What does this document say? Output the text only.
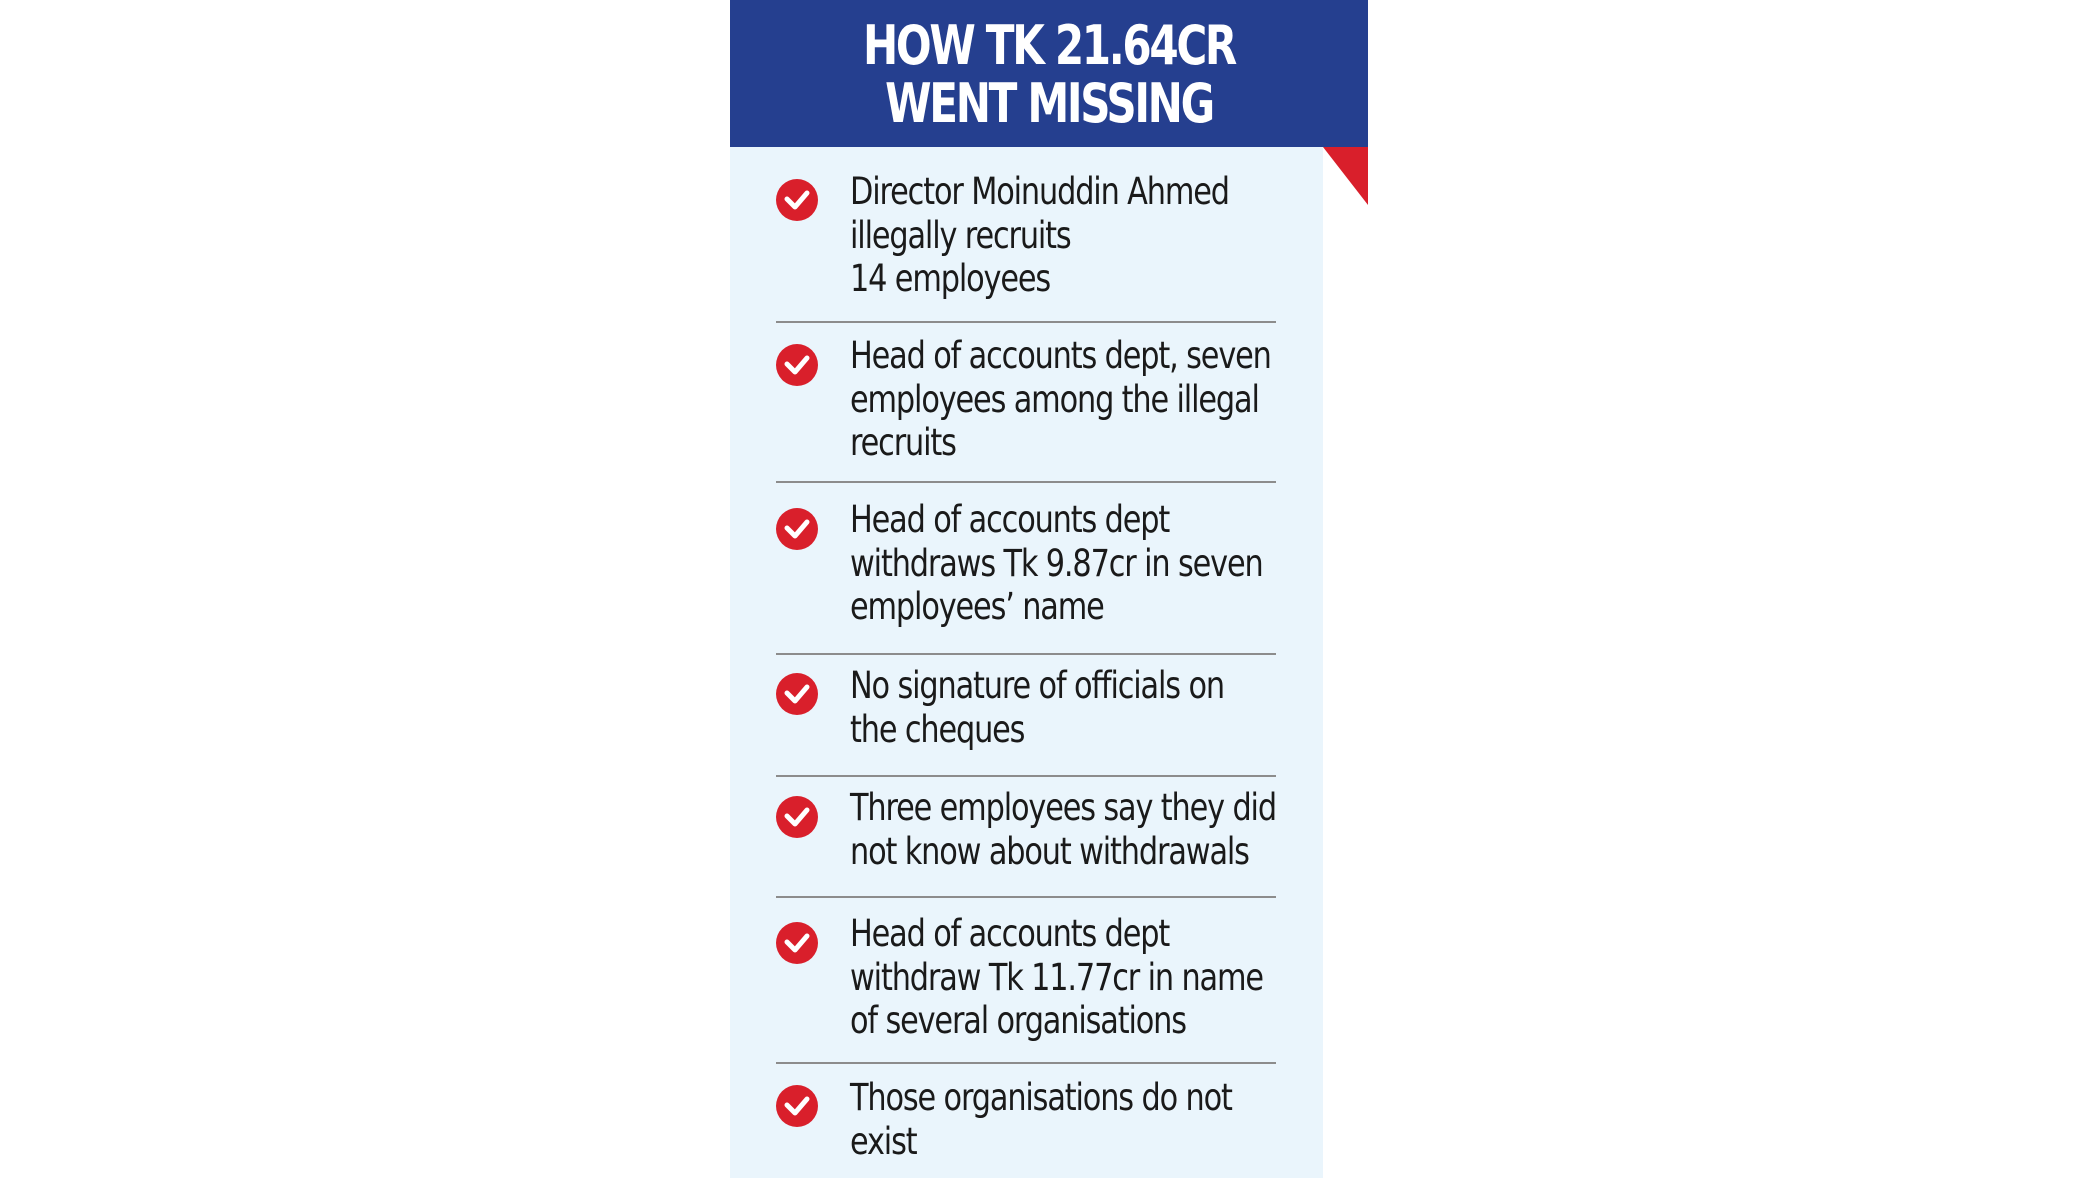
HOW TK 21.64CR
WENT MISSING
Director Moinuddin Ahmed
illegally recruits
14 employees
Head of accounts dept, seven
employees among the illegal
recruits
Head of accounts dept
withdraws Tk 9.87cr in seven
employees’ name
No signature of officials on
the cheques
Three employees say they did
not know about withdrawals
Head of accounts dept
withdraw Tk 11.77cr in name
of several organisations
Those organisations do not
exist
